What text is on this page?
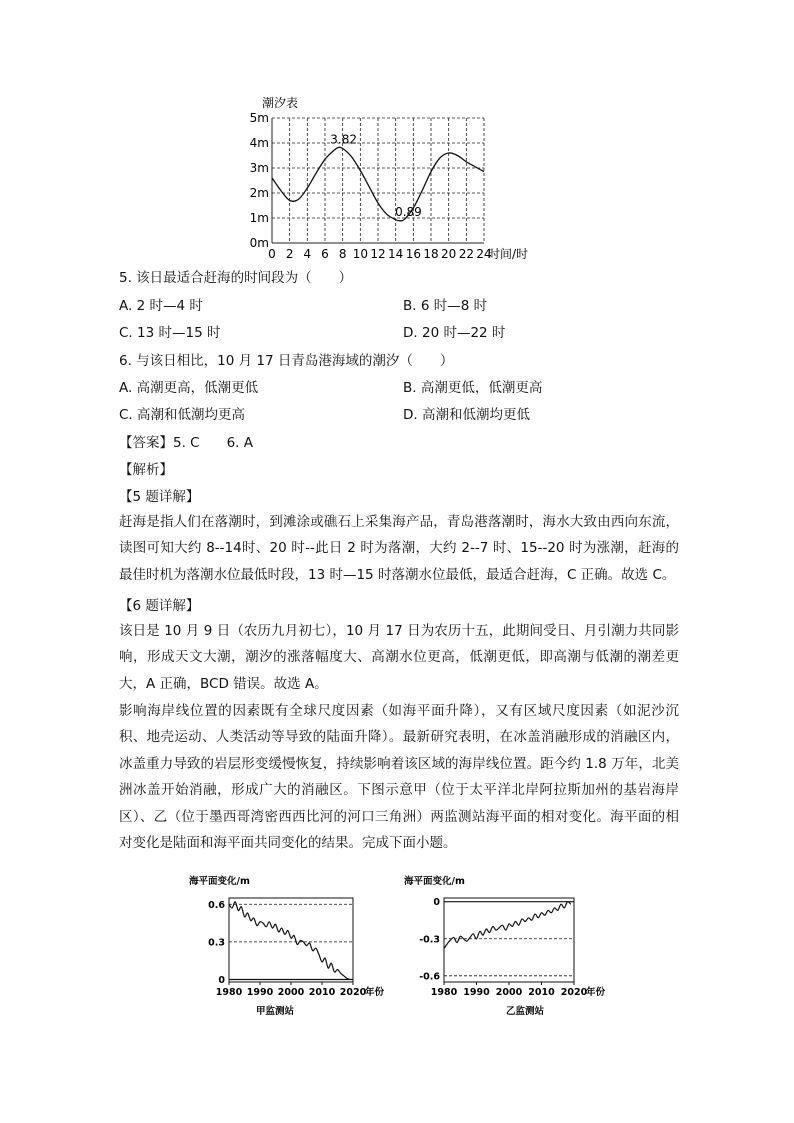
潮汐表
0m
1m
2m
3m
4m
5m
0 2 4 6 8 10 12 14 16 18 20 22 24
3.82
0.89
时间/时
5. 该日最适合赶海的时间段为（　　）
A. 2 时—4 时	B. 6 时—8 时
C. 13 时—15 时	D. 20 时—22 时
6. 与该日相比，10 月 17 日青岛港海域的潮汐（　　）
A. 高潮更高，低潮更低	B. 高潮更低，低潮更高
C. 高潮和低潮均更高	D. 高潮和低潮均更低
【答案】5. C　　6. A
【解析】
【5 题详解】
赶海是指人们在落潮时，到滩涂或礁石上采集海产品，青岛港落潮时，海水大致由西向东流，读图可知大约 8--14时、20 时--此日 2 时为落潮，大约 2--7 时、15--20 时为涨潮，赶海的最佳时机为落潮水位最低时段，13 时—15 时落潮水位最低，最适合赶海，C 正确。故选 C。
【6 题详解】
该日是 10 月 9 日（农历九月初七），10 月 17 日为农历十五，此期间受日、月引潮力共同影响，形成天文大潮，潮汐的涨落幅度大、高潮水位更高，低潮更低，即高潮与低潮的潮差更大，A 正确，BCD 错误。故选 A。
影响海岸线位置的因素既有全球尺度因素（如海平面升降），又有区域尺度因素（如泥沙沉积、地壳运动、人类活动等导致的陆面升降）。最新研究表明，在冰盖消融形成的消融区内，冰盖重力导致的岩层形变缓慢恢复，持续影响着该区域的海岸线位置。距今约 1.8 万年，北美洲冰盖开始消融，形成广大的消融区。下图示意甲（位于太平洋北岸阿拉斯加州的基岩海岸区）、乙（位于墨西哥湾密西西比河的河口三角洲）两监测站海平面的相对变化。海平面的相对变化是陆面和海平面共同变化的结果。完成下面小题。
海平面变化/m
0.6
0.3
0
1980 1990 2000 2010 2020
甲监测站
年份
海平面变化/m
0
-0.3
-0.6
1980 1990 2000 2010 2020
乙监测站
年份
